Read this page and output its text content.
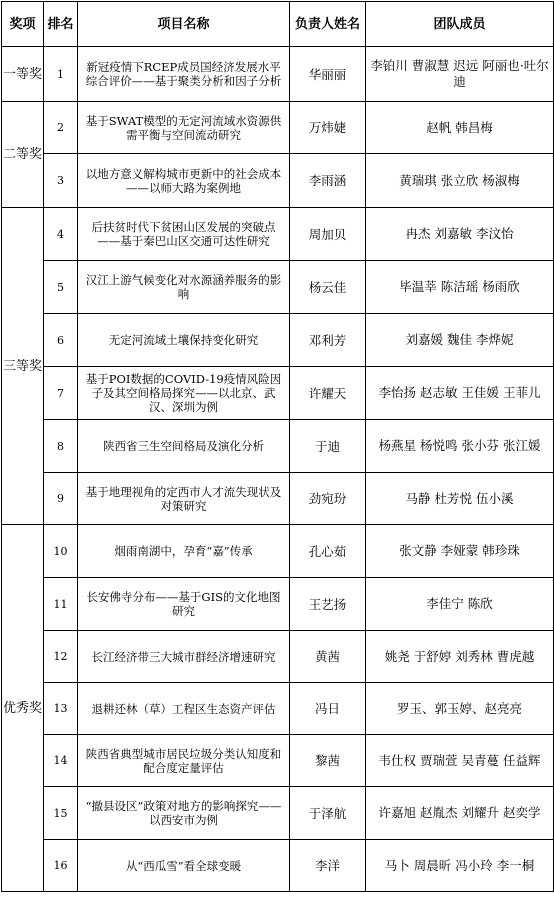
奖项	排名	项目名称	负责人姓名	团队成员
一等奖	1	新冠疫情下RCEP成员国经济发展水平综合评价——基于聚类分析和因子分析	华丽丽	李铂川 曹淑慧 迟远 阿丽也·吐尔迪
二等奖	2	基于SWAT模型的无定河流域水资源供需平衡与空间流动研究	万炜婕	赵帆 韩昌梅
	3	以地方意义解构城市更新中的社会成本——以师大路为案例地	李雨涵	黄瑞琪 张立欣 杨淑梅
三等奖	4	后扶贫时代下贫困山区发展的突破点——基于秦巴山区交通可达性研究	周加贝	冉杰 刘嘉敏 李汶怡
	5	汉江上游气候变化对水源涵养服务的影响	杨云佳	毕温莘 陈洁瑶 杨雨欣
	6	无定河流域土壤保持变化研究	邓利芳	刘嘉媛 魏佳 李烨妮
	7	基于POI数据的COVID-19疫情风险因子及其空间格局探究——以北京、武汉、深圳为例	许耀天	李怡扬 赵志敏 王佳媛 王菲儿
	8	陕西省三生空间格局及演化分析	于迪	杨燕星 杨悦鸣 张小芬 张江媛
	9	基于地理视角的定西市人才流失现状及对策研究	劲宛玢	马静 杜芳悦 伍小溪
优秀奖	10	烟雨南湖中，孕育“嘉”传承	孔心茹	张文静 李娅蒙 韩珍珠
	11	长安佛寺分布——基于GIS的文化地图研究	王艺扬	李佳宁 陈欣
	12	长江经济带三大城市群经济增速研究	黄茜	姚尧 于舒婷 刘秀林 曹虎越
	13	退耕还林（草）工程区生态资产评估	冯日	罗玉、郭玉婷、赵亮亮
	14	陕西省典型城市居民垃圾分类认知度和配合度定量评估	黎茜	韦仕权 贾瑞萱 吴青蔓 任益辉
	15	“撤县设区”政策对地方的影响探究——以西安市为例	于泽航	许嘉旭 赵胤杰 刘耀升 赵奕学
	16	从“西瓜雪”看全球变暖	李洋	马卜 周晨昕 冯小玲 李一桐
